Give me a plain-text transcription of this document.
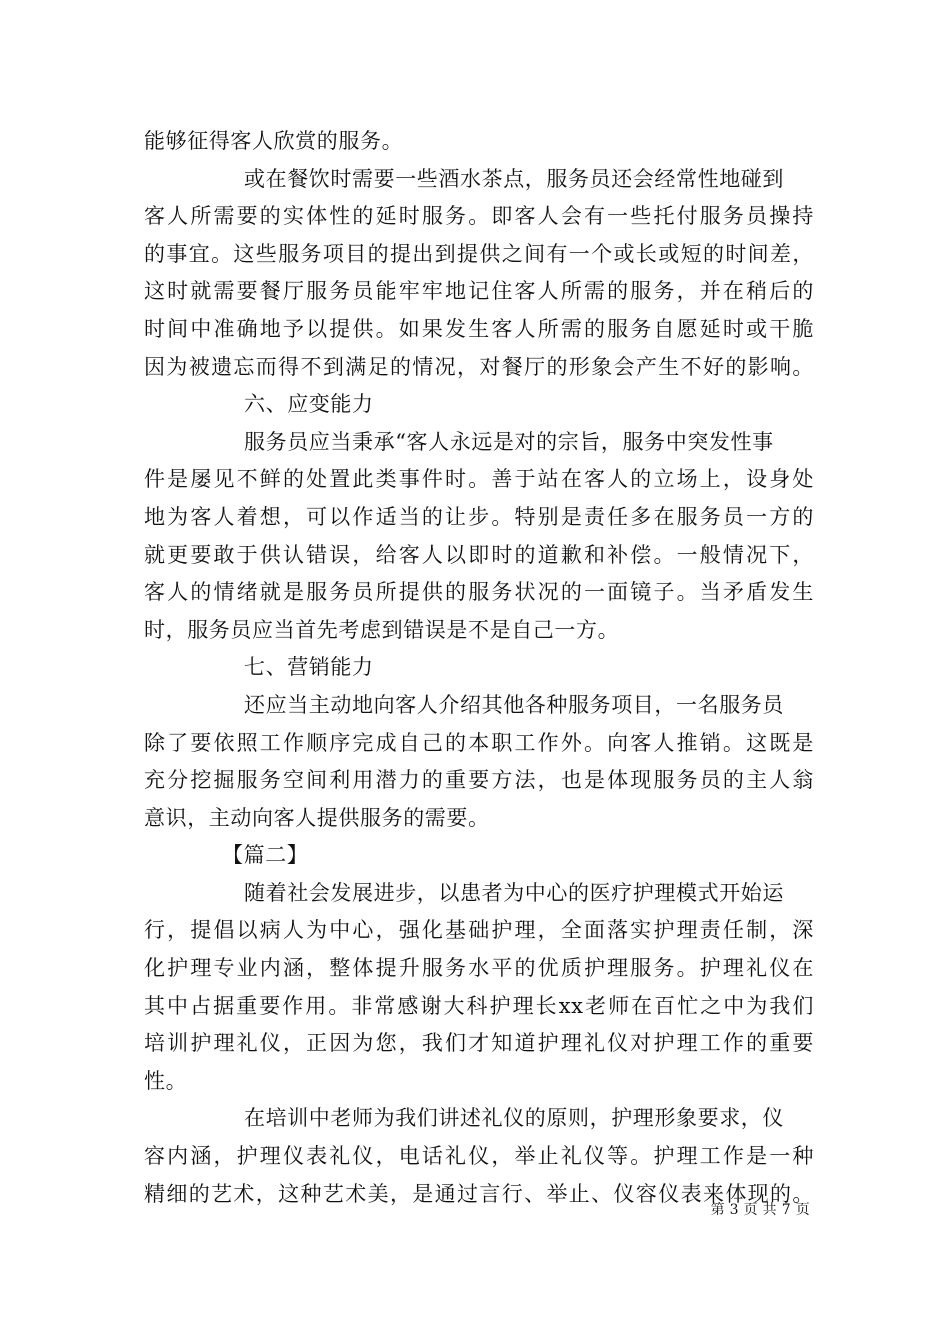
能够征得客人欣赏的服务。
或在餐饮时需要一些酒水茶点，服务员还会经常性地碰到
客人所需要的实体性的延时服务。即客人会有一些托付服务员操持
的事宜。这些服务项目的提出到提供之间有一个或长或短的时间差，
这时就需要餐厅服务员能牢牢地记住客人所需的服务，并在稍后的
时间中准确地予以提供。如果发生客人所需的服务自愿延时或干脆
因为被遗忘而得不到满足的情况，对餐厅的形象会产生不好的影响。
六、应变能力
服务员应当秉承“客人永远是对的宗旨，服务中突发性事
件是屡见不鲜的处置此类事件时。善于站在客人的立场上，设身处
地为客人着想，可以作适当的让步。特别是责任多在服务员一方的
就更要敢于供认错误，给客人以即时的道歉和补偿。一般情况下，
客人的情绪就是服务员所提供的服务状况的一面镜子。当矛盾发生
时，服务员应当首先考虑到错误是不是自己一方。
七、营销能力
还应当主动地向客人介绍其他各种服务项目，一名服务员
除了要依照工作顺序完成自己的本职工作外。向客人推销。这既是
充分挖掘服务空间利用潜力的重要方法，也是体现服务员的主人翁
意识，主动向客人提供服务的需要。
【篇二】
随着社会发展进步，以患者为中心的医疗护理模式开始运
行，提倡以病人为中心，强化基础护理，全面落实护理责任制，深
化护理专业内涵，整体提升服务水平的优质护理服务。护理礼仪在
其中占据重要作用。非常感谢大科护理长xx老师在百忙之中为我们
培训护理礼仪，正因为您，我们才知道护理礼仪对护理工作的重要
性。
在培训中老师为我们讲述礼仪的原则，护理形象要求，仪
容内涵，护理仪表礼仪，电话礼仪，举止礼仪等。护理工作是一种
精细的艺术，这种艺术美，是通过言行、举止、仪容仪表来体现的。
第 3 页 共 7 页
